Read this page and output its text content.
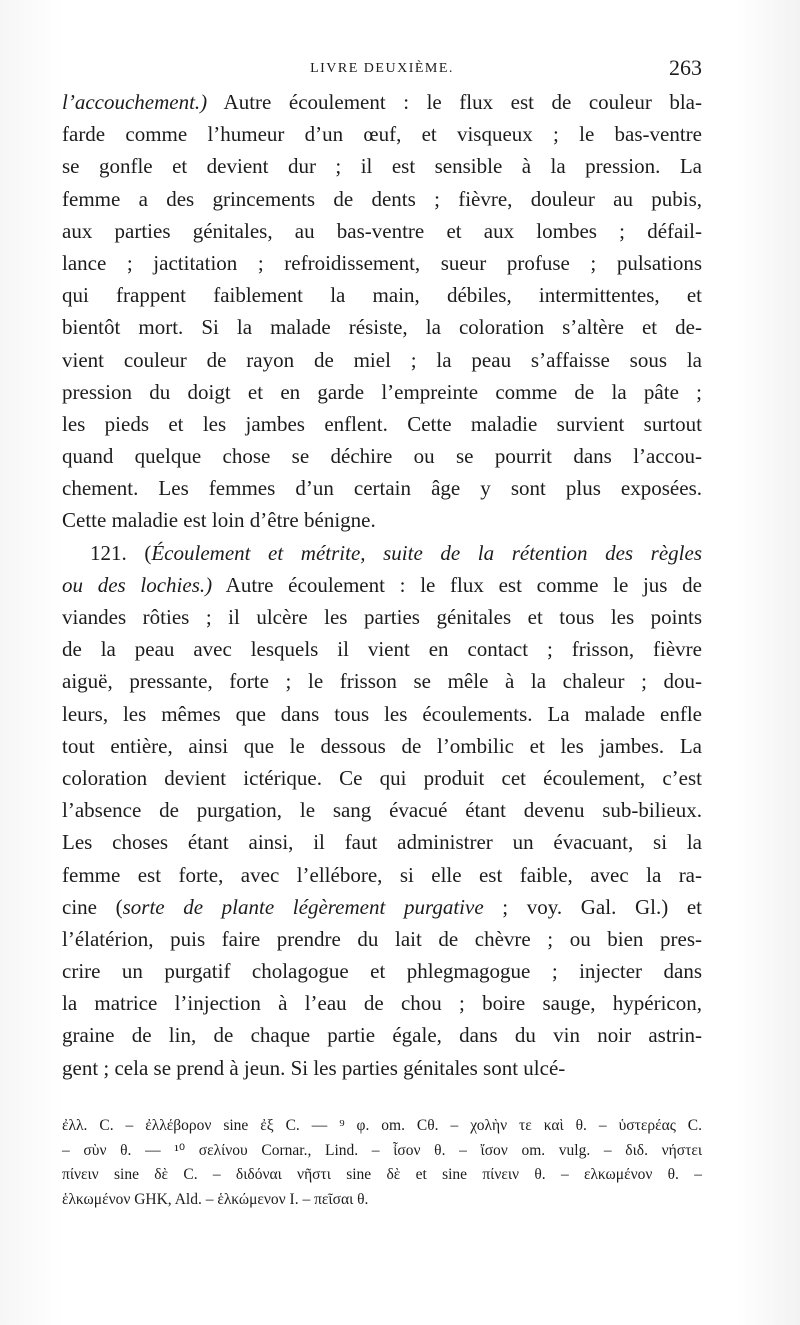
LIVRE DEUXIÈME.	263
l’accouchement.) Autre écoulement : le flux est de couleur bla-
farde comme l’humeur d’un œuf, et visqueux ; le bas-ventre
se gonfle et devient dur ; il est sensible à la pression. La
femme a des grincements de dents ; fièvre, douleur au pubis,
aux parties génitales, au bas-ventre et aux lombes ; défail-
lance ; jactitation ; refroidissement, sueur profuse ; pulsations
qui frappent faiblement la main, débiles, intermittentes, et
bientôt mort. Si la malade résiste, la coloration s’altère et de-
vient couleur de rayon de miel ; la peau s’affaisse sous la
pression du doigt et en garde l’empreinte comme de la pâte ;
les pieds et les jambes enflent. Cette maladie survient surtout
quand quelque chose se déchire ou se pourrit dans l’accou-
chement. Les femmes d’un certain âge y sont plus exposées.
Cette maladie est loin d’être bénigne.
121. (Écoulement et métrite, suite de la rétention des règles
ou des lochies.) Autre écoulement : le flux est comme le jus de
viandes rôties ; il ulcère les parties génitales et tous les points
de la peau avec lesquels il vient en contact ; frisson, fièvre
aiguë, pressante, forte ; le frisson se mêle à la chaleur ; dou-
leurs, les mêmes que dans tous les écoulements. La malade enfle
tout entière, ainsi que le dessous de l’ombilic et les jambes. La
coloration devient ictérique. Ce qui produit cet écoulement, c’est
l’absence de purgation, le sang évacué étant devenu sub-bilieux.
Les choses étant ainsi, il faut administrer un évacuant, si la
femme est forte, avec l’ellébore, si elle est faible, avec la ra-
cine (sorte de plante légèrement purgative ; voy. Gal. Gl.) et
l’élatérion, puis faire prendre du lait de chèvre ; ou bien pres-
crire un purgatif cholagogue et phlegmagogue ; injecter dans
la matrice l’injection à l’eau de chou ; boire sauge, hypéricon,
graine de lin, de chaque partie égale, dans du vin noir astrin-
gent ; cela se prend à jeun. Si les parties génitales sont ulcé-
ἐλλ. C. – ἐλλέβορον sine ἐξ C. — ⁹ φ. om. Cθ. – χολὴν τε καὶ θ. – ὑστερέας C.
– σὺν θ. — ¹⁰ σελίνου Cornar., Lind. – ἶσον θ. – ἴσον om. vulg. – διδ. νήστει
πίνειν sine δὲ C. – διδόναι νῆστι sine δὲ et sine πίνειν θ. – ελκωμένον θ. –
ἑλκωμένον GHK, Ald. – ἑλκώμενον I. – πεῖσαι θ.
